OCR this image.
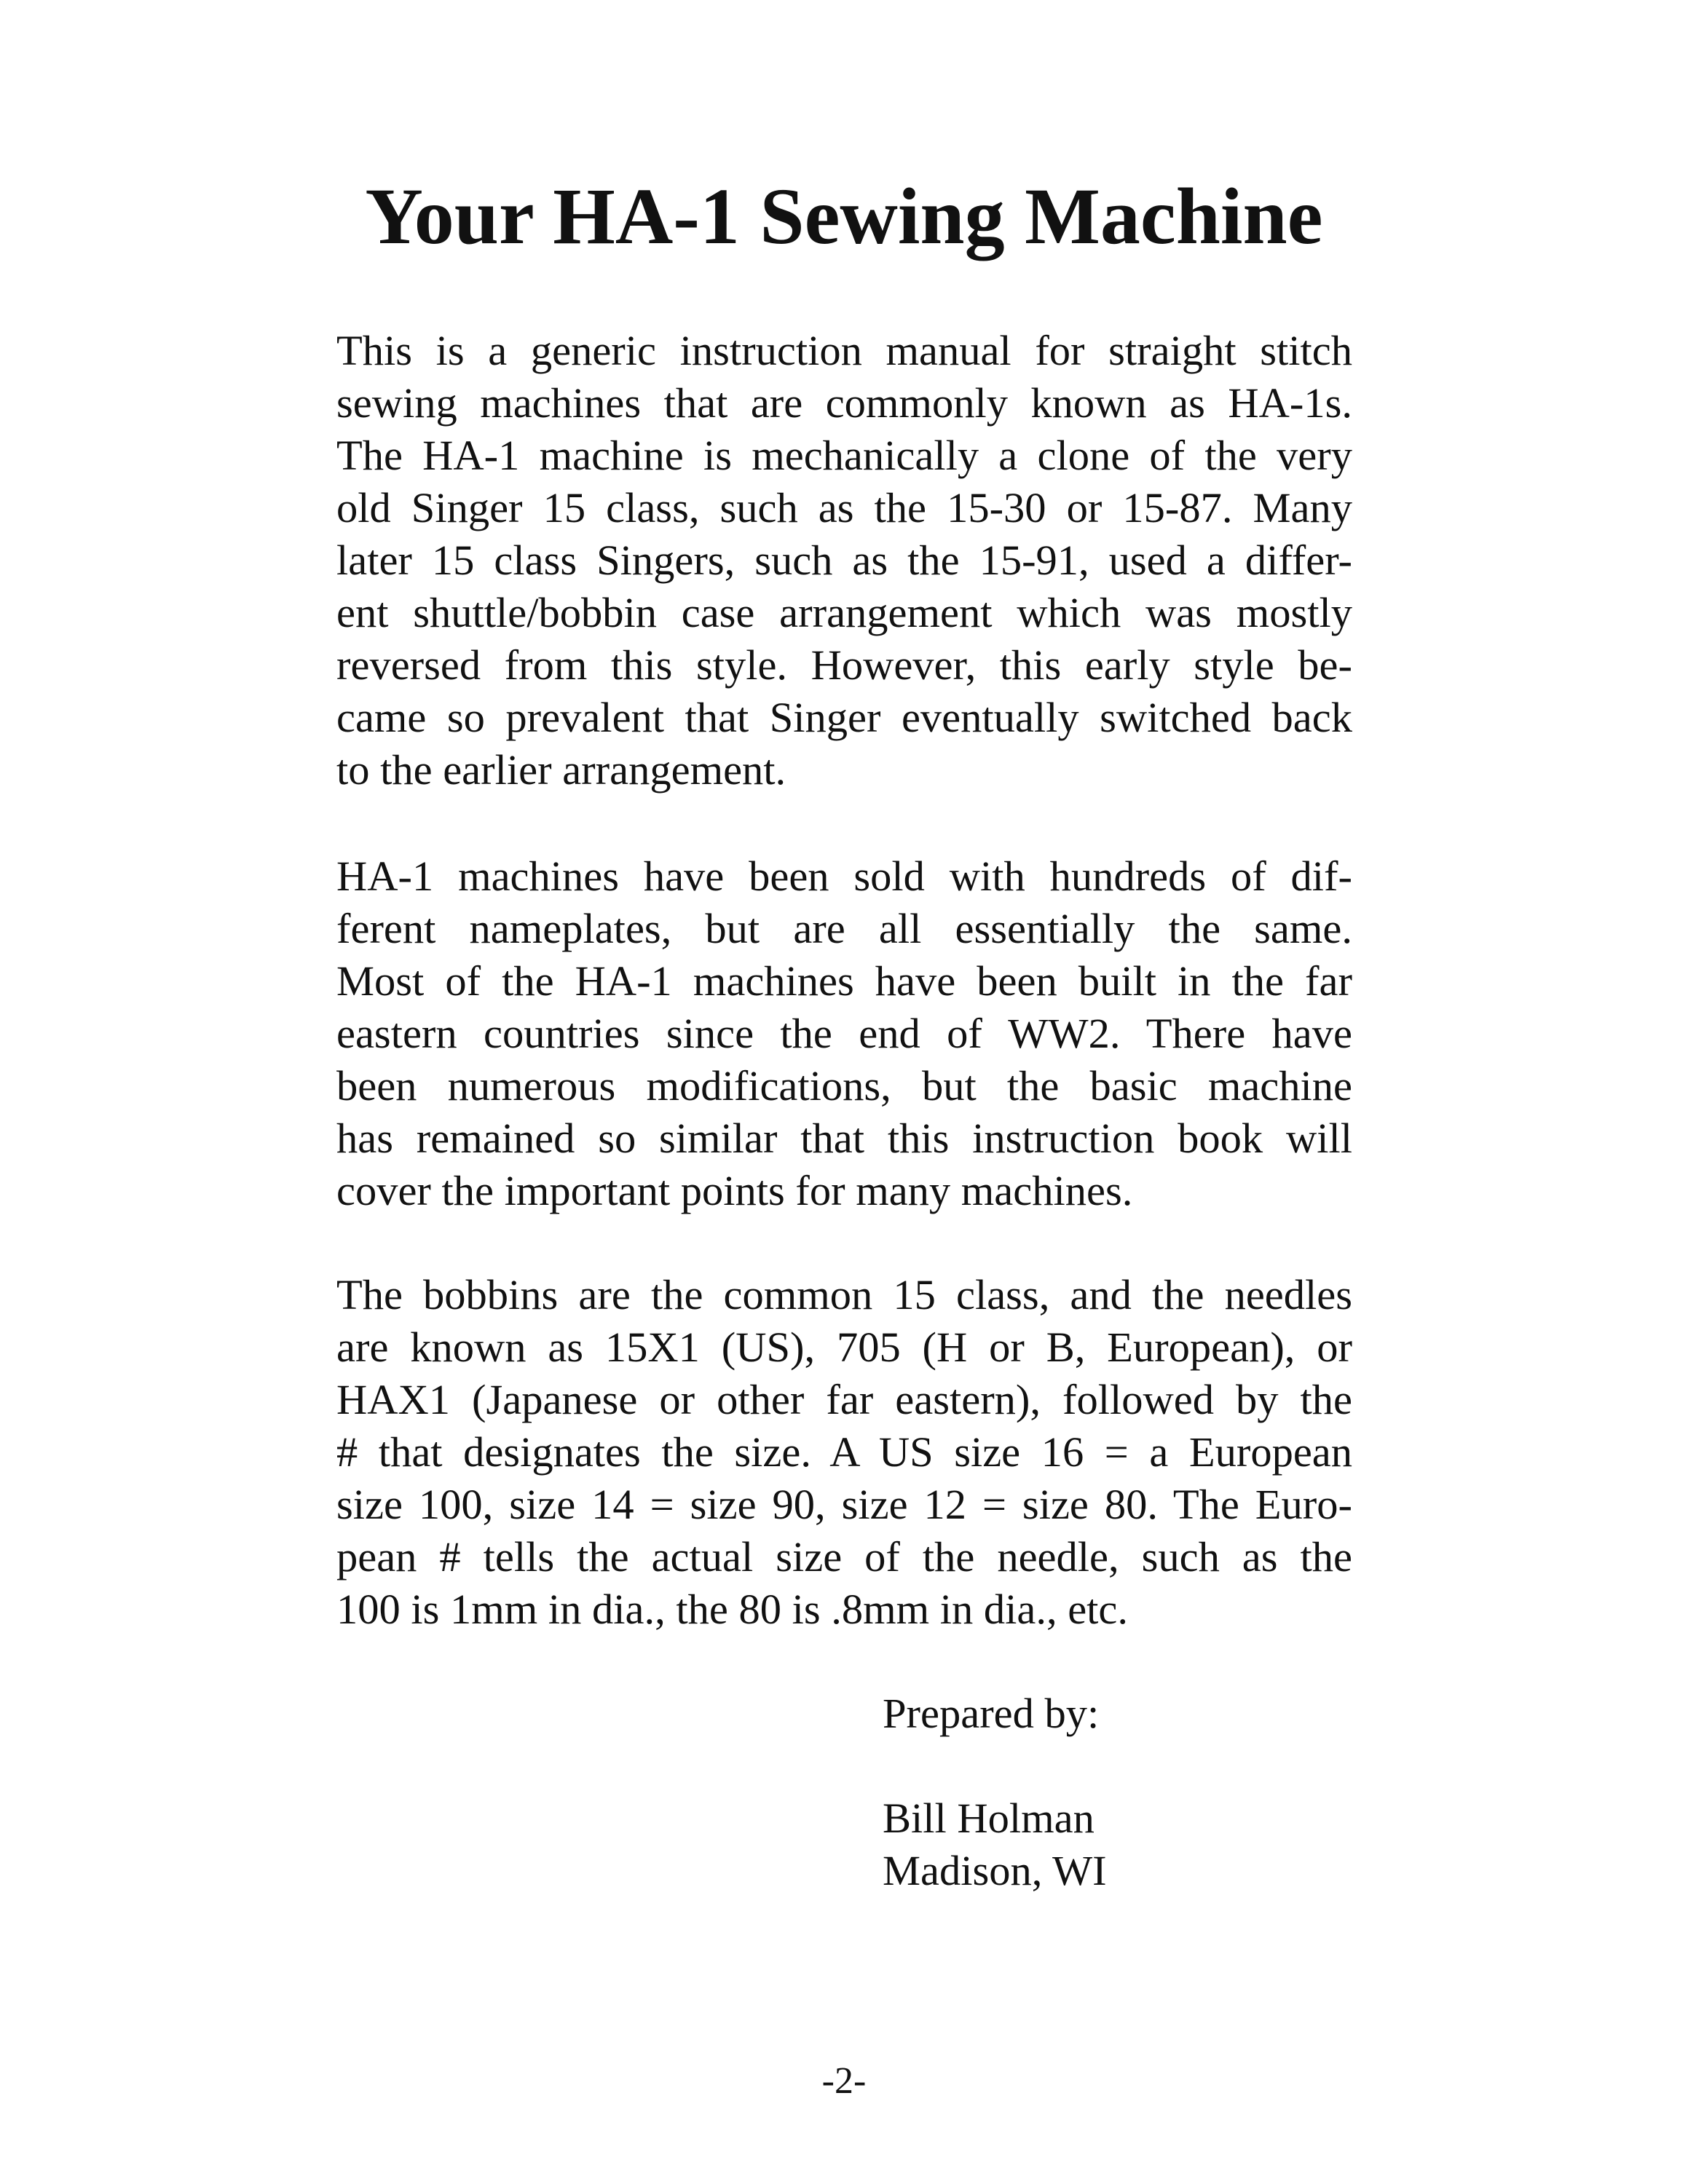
Your HA-1 Sewing Machine
This is a generic instruction manual for straight stitch
sewing machines that are commonly known as HA-1s.
The HA-1 machine is mechanically a clone of the very
old Singer 15 class, such as the 15-30 or 15-87. Many
later 15 class Singers, such as the 15-91, used a differ-
ent shuttle/bobbin case arrangement which was mostly
reversed from this style. However, this early style be-
came so prevalent that Singer eventually switched back
to the earlier arrangement.
HA-1 machines have been sold with hundreds of dif-
ferent nameplates, but are all essentially the same.
Most of the HA-1 machines have been built in the far
eastern countries since the end of WW2. There have
been numerous modifications, but the basic machine
has remained so similar that this instruction book will
cover the important points for many machines.
The bobbins are the common 15 class, and the needles
are known as 15X1 (US), 705 (H or B, European), or
HAX1 (Japanese or other far eastern), followed by the
# that designates the size. A US size 16 = a European
size 100, size 14 = size 90, size 12 = size 80. The Euro-
pean # tells the actual size of the needle, such as the
100 is 1mm in dia., the 80 is .8mm in dia., etc.

Prepared by:

Bill Holman

Madison, WI

-2-
